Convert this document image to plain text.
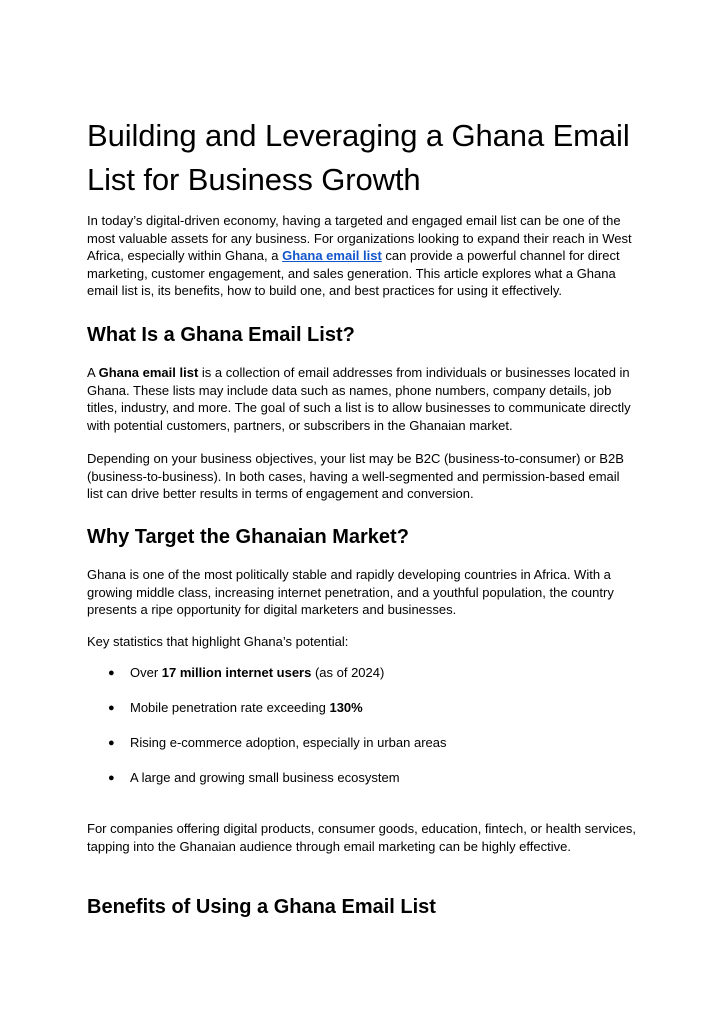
Building and Leveraging a Ghana Email List for Business Growth

In today’s digital-driven economy, having a targeted and engaged email list can be one of the most valuable assets for any business. For organizations looking to expand their reach in West Africa, especially within Ghana, a Ghana email list can provide a powerful channel for direct marketing, customer engagement, and sales generation. This article explores what a Ghana email list is, its benefits, how to build one, and best practices for using it effectively.

What Is a Ghana Email List?

A Ghana email list is a collection of email addresses from individuals or businesses located in Ghana. These lists may include data such as names, phone numbers, company details, job titles, industry, and more. The goal of such a list is to allow businesses to communicate directly with potential customers, partners, or subscribers in the Ghanaian market.

Depending on your business objectives, your list may be B2C (business-to-consumer) or B2B (business-to-business). In both cases, having a well-segmented and permission-based email list can drive better results in terms of engagement and conversion.

Why Target the Ghanaian Market?

Ghana is one of the most politically stable and rapidly developing countries in Africa. With a growing middle class, increasing internet penetration, and a youthful population, the country presents a ripe opportunity for digital marketers and businesses.

Key statistics that highlight Ghana’s potential:

● Over 17 million internet users (as of 2024)
● Mobile penetration rate exceeding 130%
● Rising e-commerce adoption, especially in urban areas
● A large and growing small business ecosystem

For companies offering digital products, consumer goods, education, fintech, or health services, tapping into the Ghanaian audience through email marketing can be highly effective.

Benefits of Using a Ghana Email List
